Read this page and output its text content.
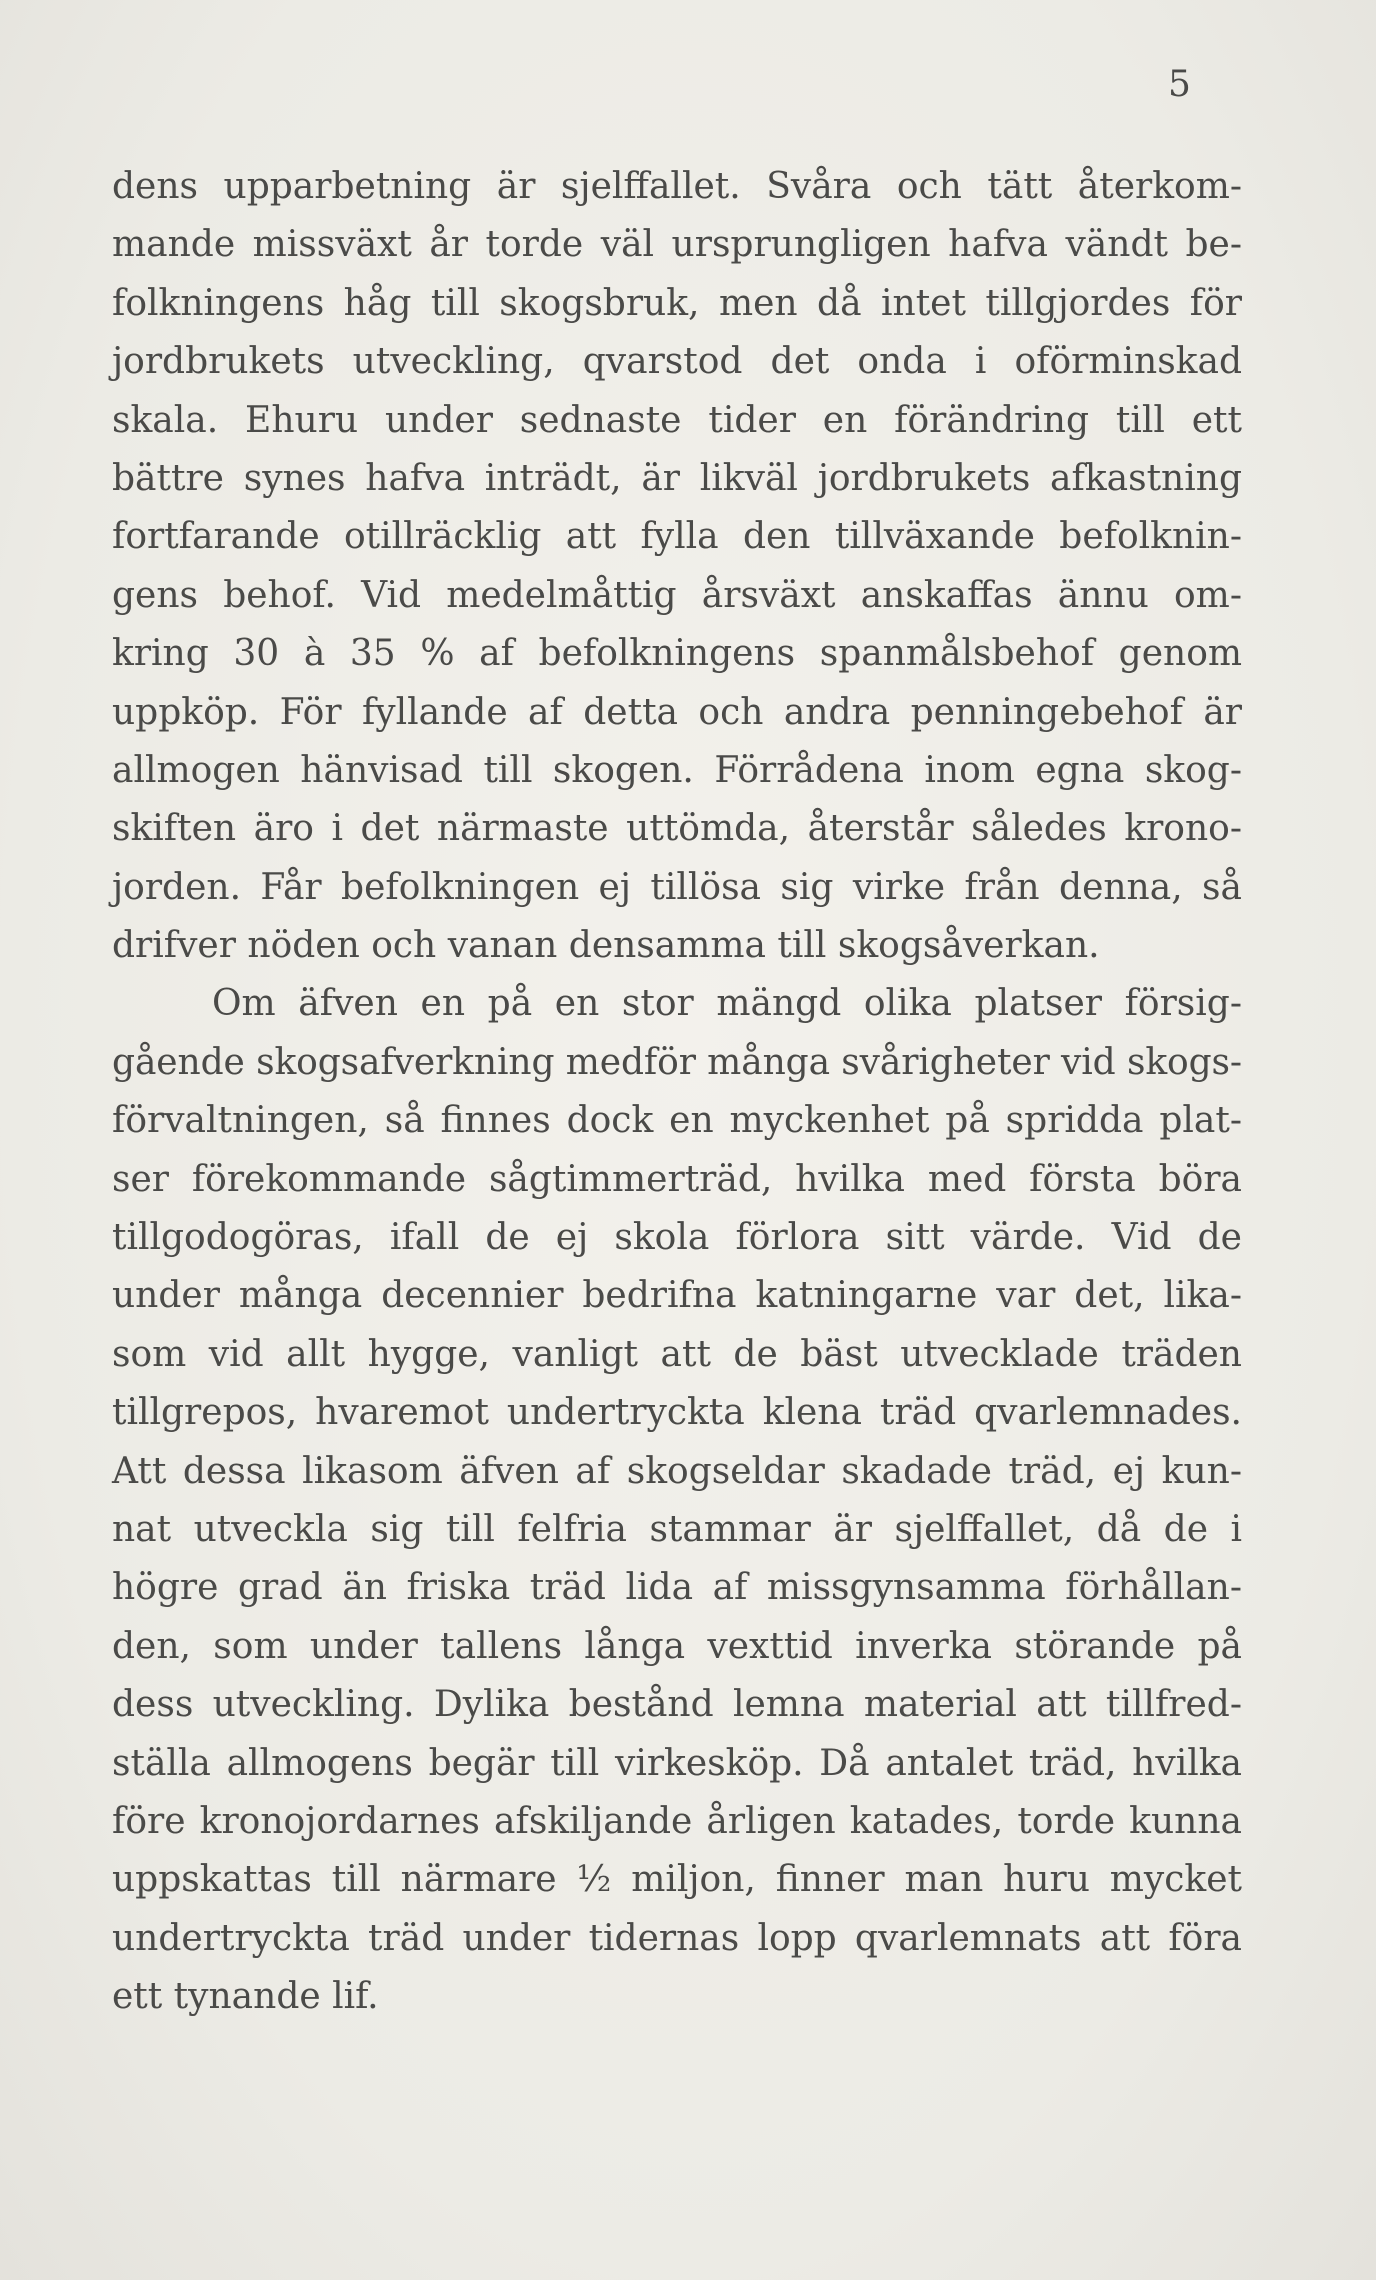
5
dens upparbetning är sjelffallet. Svåra och tätt återkom-
mande missväxt år torde väl ursprungligen hafva vändt be-
folkningens håg till skogsbruk, men då intet tillgjordes för
jordbrukets utveckling, qvarstod det onda i oförminskad
skala. Ehuru under sednaste tider en förändring till ett
bättre synes hafva inträdt, är likväl jordbrukets afkastning
fortfarande otillräcklig att fylla den tillväxande befolknin-
gens behof. Vid medelmåttig årsväxt anskaffas ännu om-
kring 30 à 35 % af befolkningens spanmålsbehof genom
uppköp. För fyllande af detta och andra penningebehof är
allmogen hänvisad till skogen. Förrådena inom egna skog-
skiften äro i det närmaste uttömda, återstår således krono-
jorden. Får befolkningen ej tillösa sig virke från denna, så
drifver nöden och vanan densamma till skogsåverkan.
Om äfven en på en stor mängd olika platser försig-
gående skogsafverkning medför många svårigheter vid skogs-
förvaltningen, så finnes dock en myckenhet på spridda plat-
ser förekommande sågtimmerträd, hvilka med första böra
tillgodogöras, ifall de ej skola förlora sitt värde. Vid de
under många decennier bedrifna katningarne var det, lika-
som vid allt hygge, vanligt att de bäst utvecklade träden
tillgrepos, hvaremot undertryckta klena träd qvarlemnades.
Att dessa likasom äfven af skogseldar skadade träd, ej kun-
nat utveckla sig till felfria stammar är sjelffallet, då de i
högre grad än friska träd lida af missgynsamma förhållan-
den, som under tallens långa vexttid inverka störande på
dess utveckling. Dylika bestånd lemna material att tillfred-
ställa allmogens begär till virkesköp. Då antalet träd, hvilka
före kronojordarnes afskiljande årligen katades, torde kunna
uppskattas till närmare ½ miljon, finner man huru mycket
undertryckta träd under tidernas lopp qvarlemnats att föra
ett tynande lif.
